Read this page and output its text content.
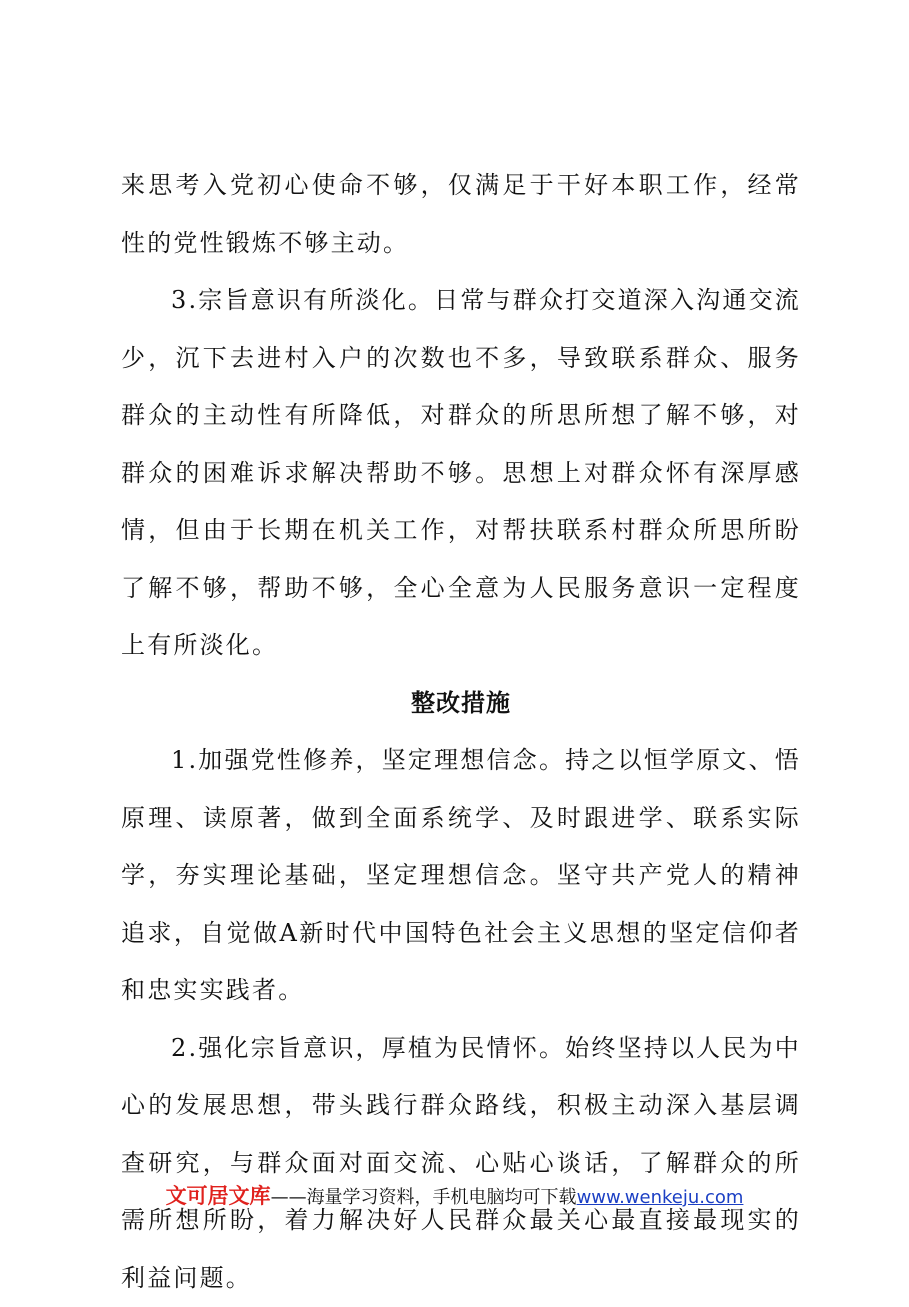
来思考入党初心使命不够，仅满足于干好本职工作，经常性的党性锻炼不够主动。

3.宗旨意识有所淡化。日常与群众打交道深入沟通交流少，沉下去进村入户的次数也不多，导致联系群众、服务群众的主动性有所降低，对群众的所思所想了解不够，对群众的困难诉求解决帮助不够。思想上对群众怀有深厚感情，但由于长期在机关工作，对帮扶联系村群众所思所盼了解不够，帮助不够，全心全意为人民服务意识一定程度上有所淡化。

整改措施

1.加强党性修养，坚定理想信念。持之以恒学原文、悟原理、读原著，做到全面系统学、及时跟进学、联系实际学，夯实理论基础，坚定理想信念。坚守共产党人的精神追求，自觉做A新时代中国特色社会主义思想的坚定信仰者和忠实实践者。

2.强化宗旨意识，厚植为民情怀。始终坚持以人民为中心的发展思想，带头践行群众路线，积极主动深入基层调查研究，与群众面对面交流、心贴心谈话，了解群众的所需所想所盼，着力解决好人民群众最关心最直接最现实的利益问题。

文可居文库——海量学习资料，手机电脑均可下载www.wenkeju.com
